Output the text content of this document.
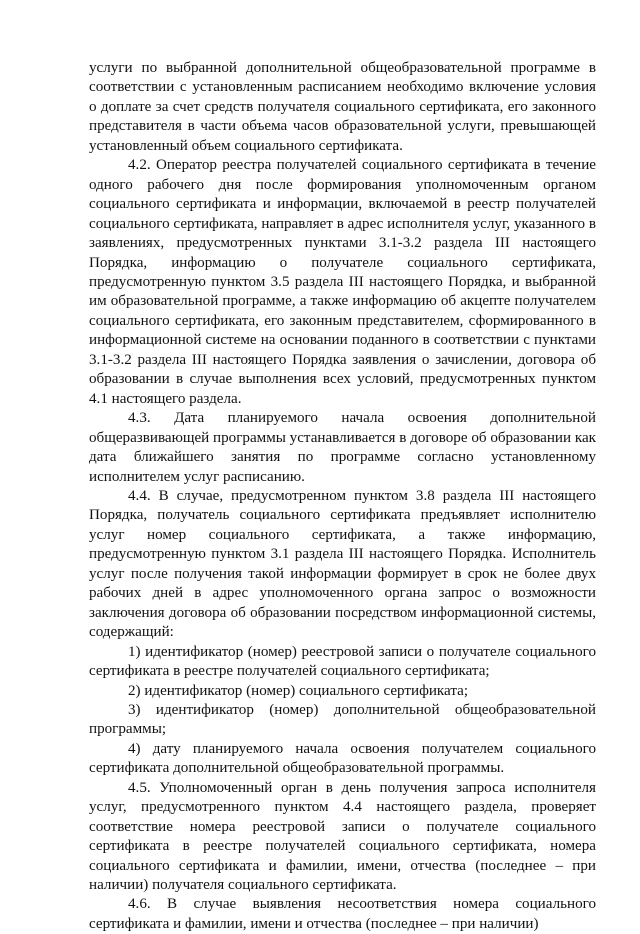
услуги по выбранной дополнительной общеобразовательной программе в соответствии с установленным расписанием необходимо включение условия о доплате за счет средств получателя социального сертификата, его законного представителя в части объема часов образовательной услуги, превышающей установленный объем социального сертификата.

4.2. Оператор реестра получателей социального сертификата в течение одного рабочего дня после формирования уполномоченным органом социального сертификата и информации, включаемой в реестр получателей социального сертификата, направляет в адрес исполнителя услуг, указанного в заявлениях, предусмотренных пунктами 3.1-3.2 раздела III настоящего Порядка, информацию о получателе социального сертификата, предусмотренную пунктом 3.5 раздела III настоящего Порядка, и выбранной им образовательной программе, а также информацию об акцепте получателем социального сертификата, его законным представителем, сформированного в информационной системе на основании поданного в соответствии с пунктами 3.1-3.2 раздела III настоящего Порядка заявления о зачислении, договора об образовании в случае выполнения всех условий, предусмотренных пунктом 4.1 настоящего раздела.

4.3. Дата планируемого начала освоения дополнительной общеразвивающей программы устанавливается в договоре об образовании как дата ближайшего занятия по программе согласно установленному исполнителем услуг расписанию.

4.4. В случае, предусмотренном пунктом 3.8 раздела III настоящего Порядка, получатель социального сертификата предъявляет исполнителю услуг номер социального сертификата, а также информацию, предусмотренную пунктом 3.1 раздела III настоящего Порядка. Исполнитель услуг после получения такой информации формирует в срок не более двух рабочих дней в адрес уполномоченного органа запрос о возможности заключения договора об образовании посредством информационной системы, содержащий:

1) идентификатор (номер) реестровой записи о получателе социального сертификата в реестре получателей социального сертификата;

2) идентификатор (номер) социального сертификата;

3) идентификатор (номер) дополнительной общеобразовательной программы;

4) дату планируемого начала освоения получателем социального сертификата дополнительной общеобразовательной программы.

4.5. Уполномоченный орган в день получения запроса исполнителя услуг, предусмотренного пунктом 4.4 настоящего раздела, проверяет соответствие номера реестровой записи о получателе социального сертификата в реестре получателей социального сертификата, номера социального сертификата и фамилии, имени, отчества (последнее – при наличии) получателя социального сертификата.

4.6. В случае выявления несоответствия номера социального сертификата и фамилии, имени и отчества (последнее – при наличии)
